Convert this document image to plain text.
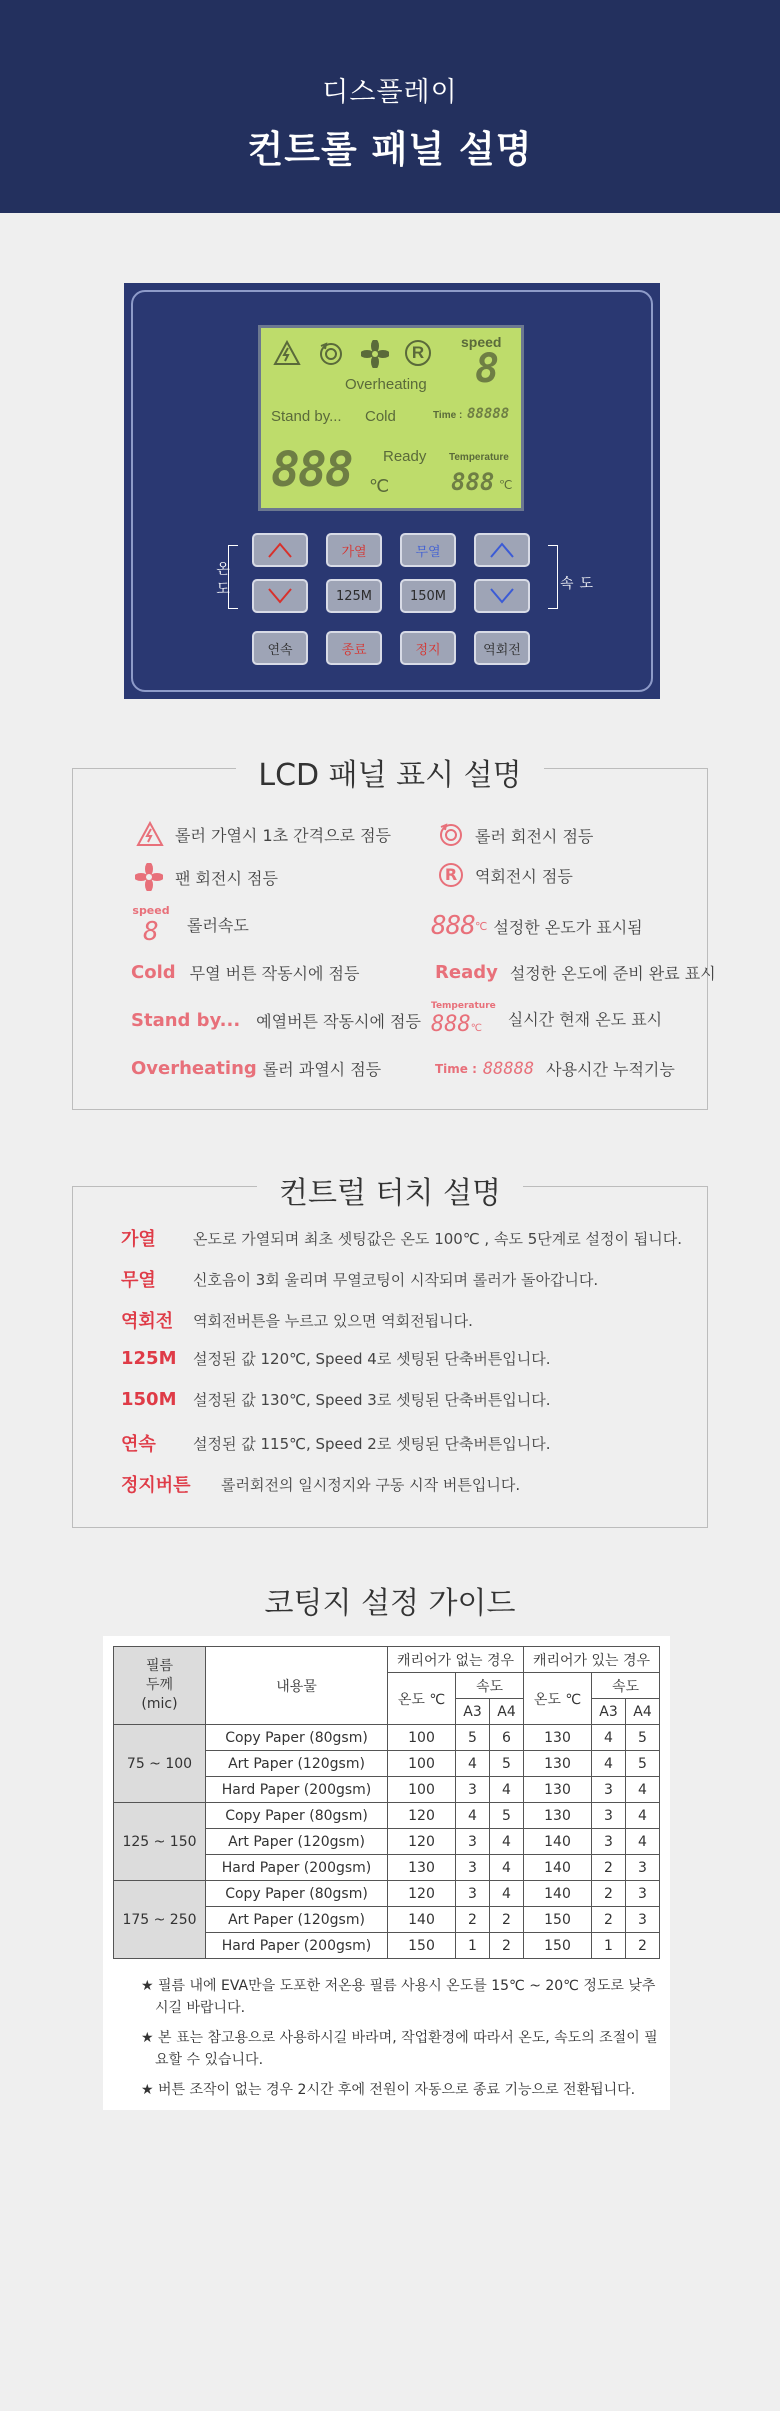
디스플레이
컨트롤 패널 설명
R
speed
8
Overheating
Stand by... Cold	Time : 88888
Ready Temperature
888 ℃	888 ℃
온도	속도
가열	무열
125M	150M
연속	종료	정지	역회전
LCD 패널 표시 설명
롤러 가열시 1초 간격으로 점등	롤러 회전시 점등
팬 회전시 점등	R	역회전시 점등
speed
8	롤러속도	888 ℃ 설정한 온도가 표시됨
Cold 무열 버튼 작동시에 점등	Ready 설정한 온도에 준비 완료 표시
Stand by... 예열버튼 작동시에 점등
Temperature
888℃	실시간 현재 온도 표시
Overheating 롤러 과열시 점등	Time : 88888 사용시간 누적기능
컨트럴 터치 설명
가열	온도로 가열되며 최초 셋팅값은 온도 100℃ , 속도 5단계로 설정이 됩니다.
무열	신호음이 3회 울리며 무열코팅이 시작되며 롤러가 돌아갑니다.
역회전	역회전버튼을 누르고 있으면 역회전됩니다.
125M	설정된 값 120℃, Speed 4로 셋팅된 단축버튼입니다.
150M	설정된 값 130℃, Speed 3로 셋팅된 단축버튼입니다.
연속	설정된 값 115℃, Speed 2로 셋팅된 단축버튼입니다.
정지버튼	롤러회전의 일시정지와 구동 시작 버튼입니다.
코팅지 설정 가이드
필름
두께
(mic)	내용물	캐리어가 없는 경우			캐리어가 있는 경우		
		온도 ℃	속도		온도 ℃	속도	
			A3	A4		A3	A4
75 ~ 100	Copy Paper (80gsm)	100	5	6	130	4	5
	Art Paper (120gsm)	100	4	5	130	4	5
	Hard Paper (200gsm)	100	3	4	130	3	4
125 ~ 150	Copy Paper (80gsm)	120	4	5	130	3	4
	Art Paper (120gsm)	120	3	4	140	3	4
	Hard Paper (200gsm)	130	3	4	140	2	3
175 ~ 250	Copy Paper (80gsm)	120	3	4	140	2	3
	Art Paper (120gsm)	140	2	2	150	2	3
	Hard Paper (200gsm)	150	1	2	150	1	2

★ 필름 내에 EVA만을 도포한 저온용 필름 사용시 온도를 15℃ ~ 20℃ 정도로 낮추시길 바랍니다.

★ 본 표는 참고용으로 사용하시길 바라며, 작업환경에 따라서 온도, 속도의 조절이 필요할 수 있습니다.

★ 버튼 조작이 없는 경우 2시간 후에 전원이 자동으로 종료 기능으로 전환됩니다.
